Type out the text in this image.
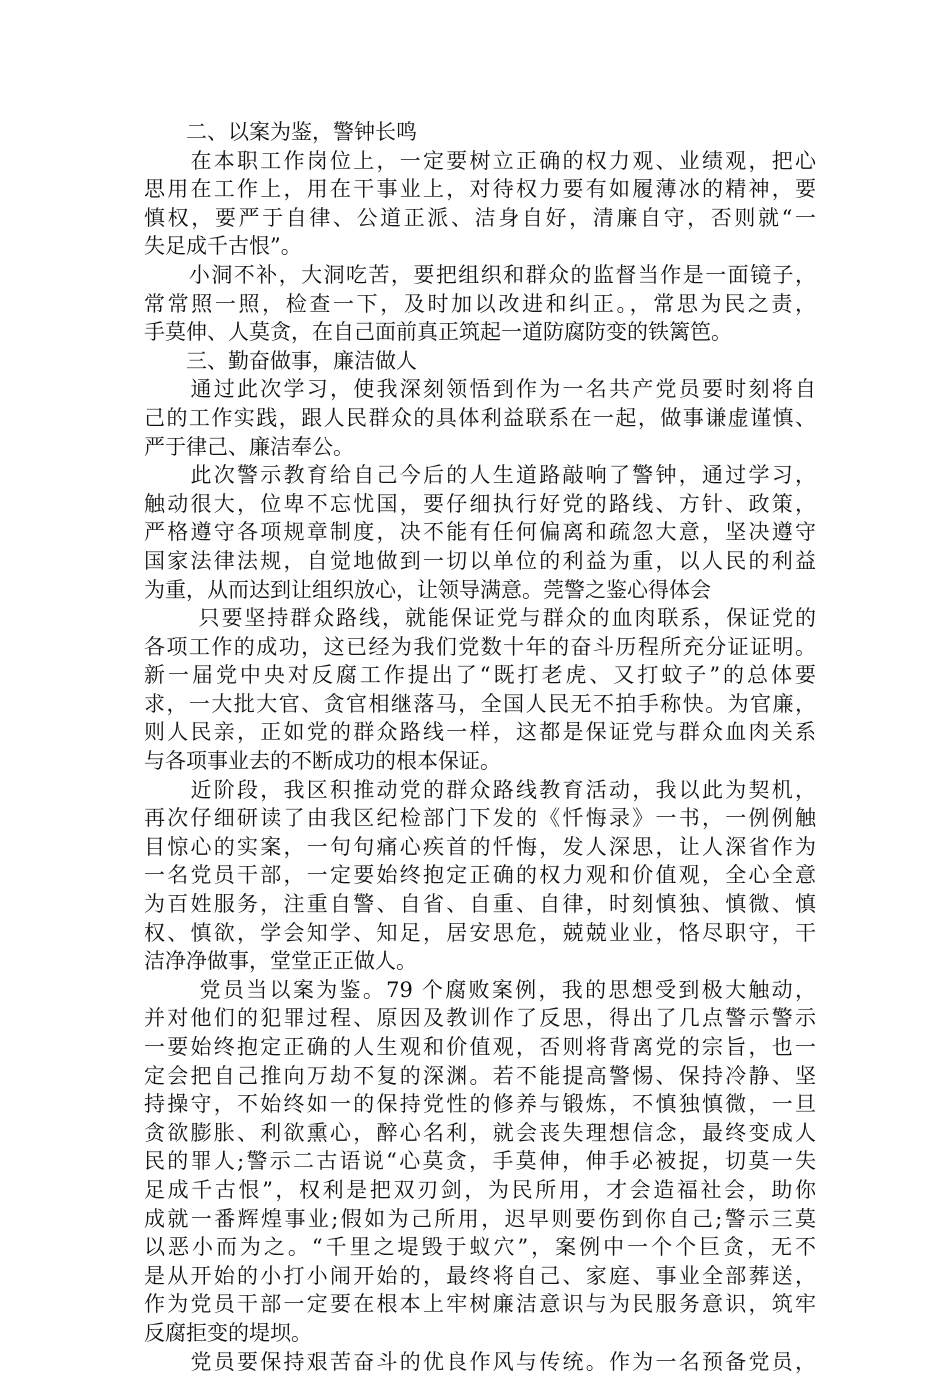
　　二、以案为鉴，警钟长鸣
　　在本职工作岗位上，一定要树立正确的权力观、业绩观，把心
思用在工作上，用在干事业上，对待权力要有如履薄冰的精神，要
慎权，要严于自律、公道正派、洁身自好，清廉自守，否则就“一
失足成千古恨”。
　　小洞不补，大洞吃苦，要把组织和群众的监督当作是一面镜子，
常常照一照，检查一下，及时加以改进和纠正。，常思为民之责，
手莫伸、人莫贪，在自己面前真正筑起一道防腐防变的铁篱笆。
　　三、勤奋做事，廉洁做人
　　通过此次学习，使我深刻领悟到作为一名共产党员要时刻将自
己的工作实践，跟人民群众的具体利益联系在一起，做事谦虚谨慎、
严于律己、廉洁奉公。
　　此次警示教育给自己今后的人生道路敲响了警钟，通过学习，
触动很大，位卑不忘忧国，要仔细执行好党的路线、方针、政策，
严格遵守各项规章制度，决不能有任何偏离和疏忽大意，坚决遵守
国家法律法规，自觉地做到一切以单位的利益为重，以人民的利益
为重，从而达到让组织放心，让领导满意。莞警之鉴心得体会
　　 只要坚持群众路线，就能保证党与群众的血肉联系，保证党的
各项工作的成功，这已经为我们党数十年的奋斗历程所充分证证明。
新一届党中央对反腐工作提出了“既打老虎、又打蚊子”的总体要
求，一大批大官、贪官相继落马，全国人民无不拍手称快。为官廉，
则人民亲，正如党的群众路线一样，这都是保证党与群众血肉关系
与各项事业去的不断成功的根本保证。
　　近阶段，我区积推动党的群众路线教育活动，我以此为契机，
再次仔细研读了由我区纪检部门下发的《忏悔录》一书，一例例触
目惊心的实案，一句句痛心疾首的忏悔，发人深思，让人深省作为
一名党员干部，一定要始终抱定正确的权力观和价值观，全心全意
为百姓服务，注重自警、自省、自重、自律，时刻慎独、慎微、慎
权、慎欲，学会知学、知足，居安思危，兢兢业业，恪尽职守，干
洁净净做事，堂堂正正做人。
　　 党员当以案为鉴。79 个腐败案例，我的思想受到极大触动，
并对他们的犯罪过程、原因及教训作了反思，得出了几点警示警示
一要始终抱定正确的人生观和价值观，否则将背离党的宗旨，也一
定会把自己推向万劫不复的深渊。若不能提高警惕、保持冷静、坚
持操守，不始终如一的保持党性的修养与锻炼，不慎独慎微，一旦
贪欲膨胀、利欲熏心，醉心名利，就会丧失理想信念，最终变成人
民的罪人;警示二古语说“心莫贪，手莫伸，伸手必被捉，切莫一失
足成千古恨”，权利是把双刃剑，为民所用，才会造福社会，助你
成就一番辉煌事业;假如为己所用，迟早则要伤到你自己;警示三莫
以恶小而为之。“千里之堤毁于蚁穴”，案例中一个个巨贪，无不
是从开始的小打小闹开始的，最终将自己、家庭、事业全部葬送，
作为党员干部一定要在根本上牢树廉洁意识与为民服务意识，筑牢
反腐拒变的堤坝。
　　党员要保持艰苦奋斗的优良作风与传统。作为一名预备党员，
